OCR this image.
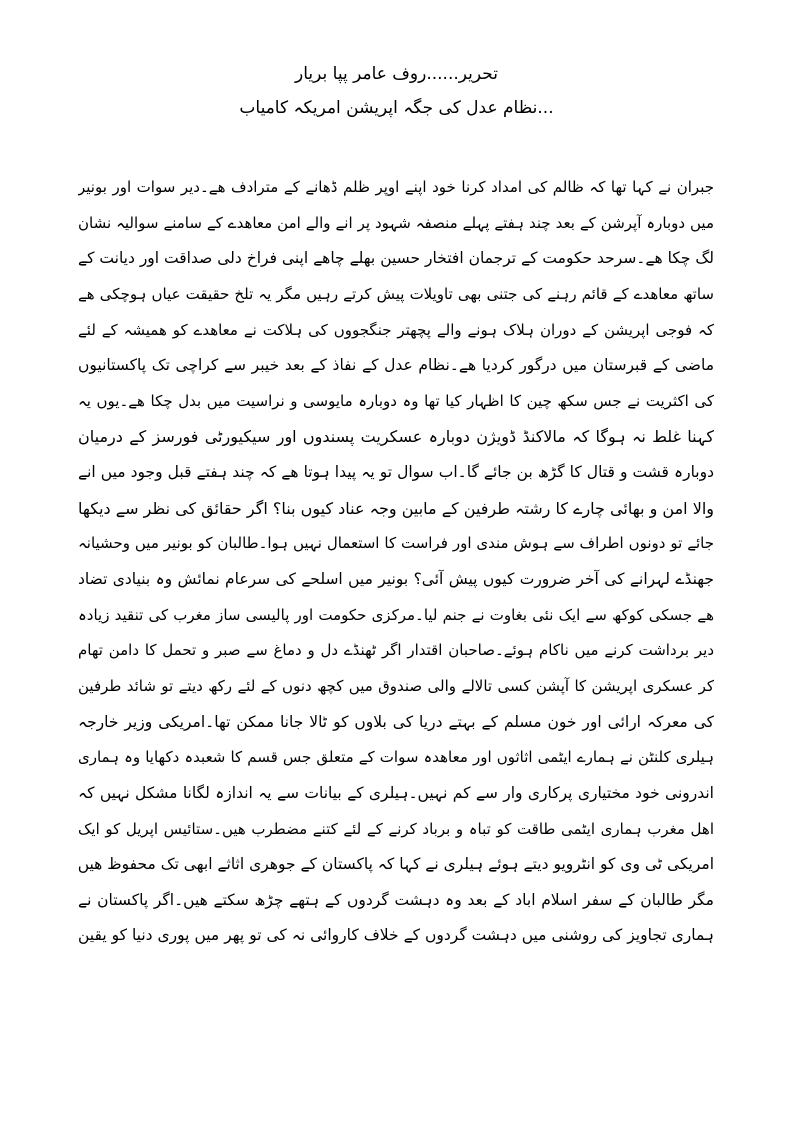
تحریر......روف عامر پپا بریار
...نظام عدل کی جگہ اپریشن امریکہ کامیاب
جبران نے کہا تھا کہ ظالم کی امداد کرنا خود اپنے اوپر ظلم ڈھانے کے مترادف ھے۔دیر سوات اور بونیر
میں دوبارہ آپرشن کے بعد چند ہفتے پہلے منصفہ شہود پر انے والے امن معاھدے کے سامنے سوالیہ نشان
لگ چکا ھے۔سرحد حکومت کے ترجمان افتخار حسین بھلے چاھے اپنی فراخ دلی صداقت اور دیانت کے
ساتھ معاھدے کے قائم رہنے کی جتنی بھی تاویلات پیش کرتے رہیں مگر یہ تلخ حقیقت عیاں ہوچکی ھے
کہ فوجی اپریشن کے دوران ہلاک ہونے والے پچھتر جنگجووں کی ہلاکت نے معاھدے کو ھمیشہ کے لئے
ماضی کے قبرستان میں درگور کردیا ھے۔نظام عدل کے نفاذ کے بعد خیبر سے کراچی تک پاکستانیوں
کی اکثریت نے جس سکھ چین کا اظہار کیا تھا وہ دوبارہ مایوسی و نراسیت میں بدل چکا ھے۔یوں یہ
کہنا غلط نہ ہوگا کہ مالاکنڈ ڈویژن دوبارہ عسکریت پسندوں اور سیکیورٹی فورسز کے درمیان
دوبارہ قشت و قتال کا گڑھ بن جائے گا۔اب سوال تو یہ پیدا ہوتا ھے کہ چند ہفتے قبل وجود میں انے
والا امن و بھائی چارے کا رشتہ طرفین کے مابین وجہ عناد کیوں بنا؟ اگر حقائق کی نظر سے دیکھا
جائے تو دونوں اطراف سے ہوش مندی اور فراست کا استعمال نہیں ہوا۔طالبان کو بونیر میں وحشیانہ
جھنڈے لہرانے کی آخر ضرورت کیوں پیش آئی؟ بونیر میں اسلحے کی سرعام نمائش وہ بنیادی تضاد
ھے جسکی کوکھ سے ایک نئی بغاوت نے جنم لیا۔مرکزی حکومت اور پالیسی ساز مغرب کی تنقید زیادہ
دیر برداشت کرنے میں ناکام ہوئے۔صاحبان اقتدار اگر ٹھنڈے دل و دماغ سے صبر و تحمل کا دامن تھام
کر عسکری اپریشن کا آپشن کسی تالالے والی صندوق میں کچھ دنوں کے لئے رکھ دیتے تو شائد طرفین
کی معرکہ ارائی اور خون مسلم کے بہتے دریا کی بلاوں کو ٹالا جانا ممکن تھا۔امریکی وزیر خارجہ
ہیلری کلنٹن نے ہمارے ایٹمی اثاثوں اور معاھدہ سوات کے متعلق جس قسم کا شعبدہ دکھایا وہ ہماری
اندرونی خود مختیاری پرکاری وار سے کم نہیں۔ہیلری کے بیانات سے یہ اندازہ لگانا مشکل نہیں کہ
اھل مغرب ہماری ایٹمی طاقت کو تباہ و برباد کرنے کے لئے کتنے مضطرب ھیں۔ستائیس اپریل کو ایک
امریکی ٹی وی کو انٹرویو دیتے ہوئے ہیلری نے کہا کہ پاکستان کے جوھری اثاثے ابھی تک محفوظ ھیں
مگر طالبان کے سفر اسلام اباد کے بعد وہ دہشت گردوں کے ہتھے چڑھ سکتے ھیں۔اگر پاکستان نے
ہماری تجاویز کی روشنی میں دہشت گردوں کے خلاف کاروائی نہ کی تو پھر میں پوری دنیا کو یقین
